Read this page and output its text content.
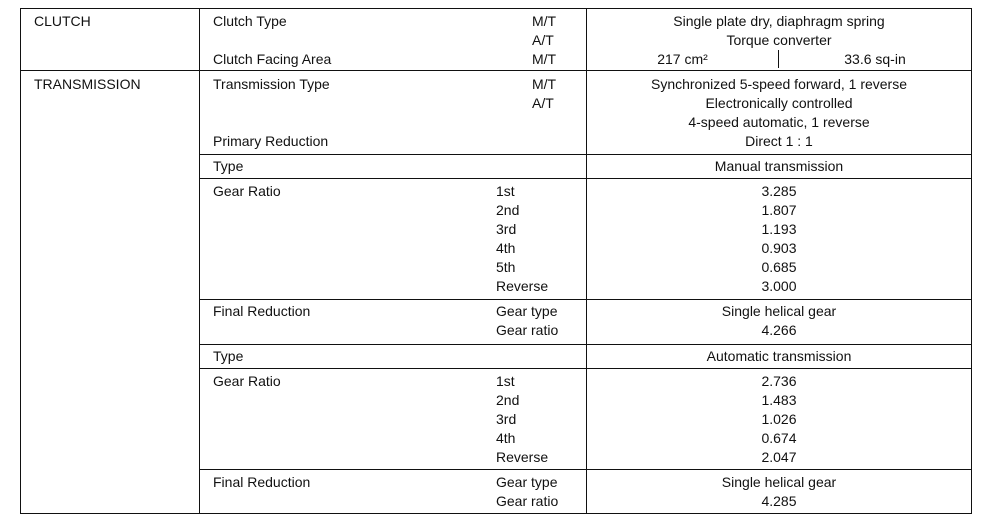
CLUTCH	Clutch Type	M/T	Single plate dry, diaphragm spring
A/T	Torque converter
Clutch Facing Area	M/T	217 cm²	33.6 sq-in
TRANSMISSION	Transmission Type	M/T	Synchronized 5-speed forward, 1 reverse
A/T	Electronically controlled
4-speed automatic, 1 reverse
Primary Reduction	Direct 1 : 1
Type	Manual transmission
Gear Ratio	1st	3.285
2nd	1.807
3rd	1.193
4th	0.903
5th	0.685
Reverse	3.000
Final Reduction	Gear type	Single helical gear
Gear ratio	4.266
Type	Automatic transmission
Gear Ratio	1st	2.736
2nd	1.483
3rd	1.026
4th	0.674
Reverse	2.047
Final Reduction	Gear type	Single helical gear
Gear ratio	4.285
